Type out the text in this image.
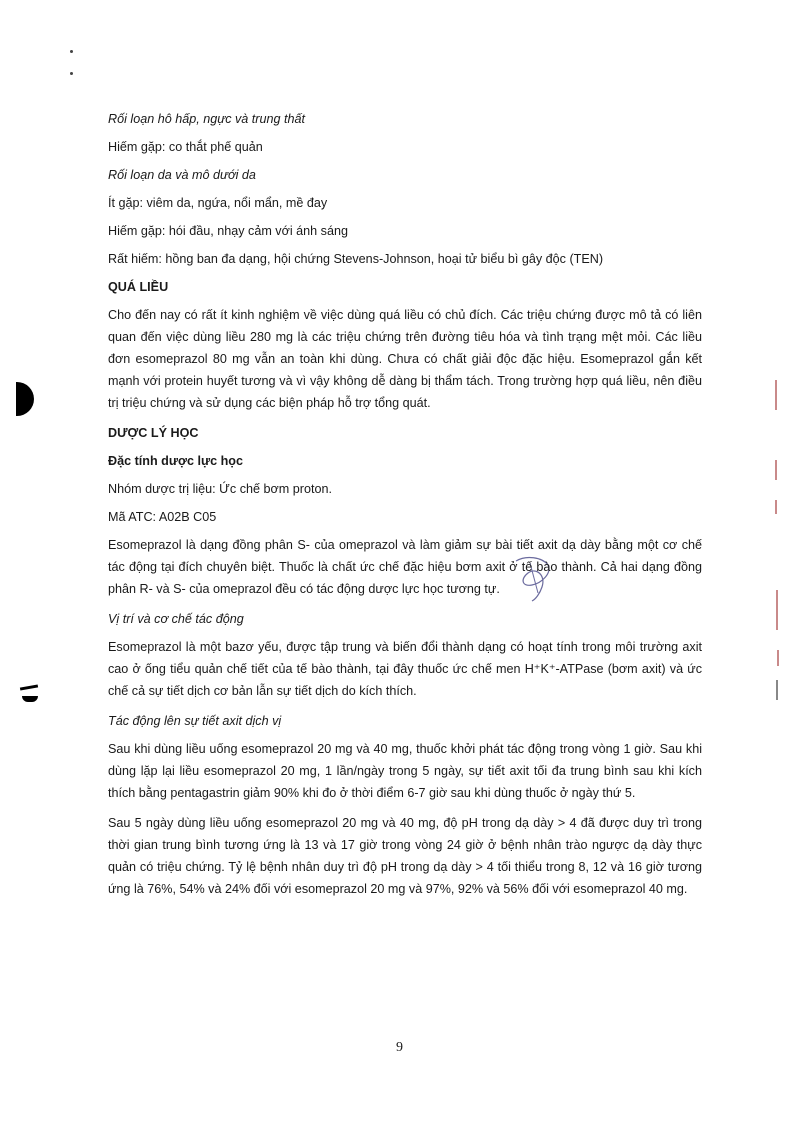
Rối loạn hô hấp, ngực và trung thất

Hiếm gặp: co thắt phế quản

Rối loạn da và mô dưới da

Ít gặp: viêm da, ngứa, nổi mẩn, mề đay

Hiếm gặp: hói đầu, nhạy cảm với ánh sáng

Rất hiếm: hồng ban đa dạng, hội chứng Stevens-Johnson, hoại tử biểu bì gây độc (TEN)

QUÁ LIỀU

Cho đến nay có rất ít kinh nghiệm về việc dùng quá liều có chủ đích. Các triệu chứng được mô tả có liên quan đến việc dùng liều 280 mg là các triệu chứng trên đường tiêu hóa và tình trạng mệt mỏi. Các liều đơn esomeprazol 80 mg vẫn an toàn khi dùng. Chưa có chất giải độc đặc hiệu. Esomeprazol gắn kết mạnh với protein huyết tương và vì vậy không dễ dàng bị thẩm tách. Trong trường hợp quá liều, nên điều trị triệu chứng và sử dụng các biện pháp hỗ trợ tổng quát.

DƯỢC LÝ HỌC

Đặc tính dược lực học

Nhóm dược trị liệu: Ức chế bơm proton.

Mã ATC: A02B C05

Esomeprazol là dạng đồng phân S- của omeprazol và làm giảm sự bài tiết axit dạ dày bằng một cơ chế tác động tại đích chuyên biệt. Thuốc là chất ức chế đặc hiệu bơm axit ở tế bào thành. Cả hai dạng đồng phân R- và S- của omeprazol đều có tác động dược lực học tương tự.

Vị trí và cơ chế tác động

Esomeprazol là một bazơ yếu, được tập trung và biến đổi thành dạng có hoạt tính trong môi trường axit cao ở ống tiểu quản chế tiết của tế bào thành, tại đây thuốc ức chế men H⁺K⁺-ATPase (bơm axit) và ức chế cả sự tiết dịch cơ bản lẫn sự tiết dịch do kích thích.

Tác động lên sự tiết axit dịch vị

Sau khi dùng liều uống esomeprazol 20 mg và 40 mg, thuốc khởi phát tác động trong vòng 1 giờ. Sau khi dùng lặp lại liều esomeprazol 20 mg, 1 lần/ngày trong 5 ngày, sự tiết axit tối đa trung bình sau khi kích thích bằng pentagastrin giảm 90% khi đo ở thời điểm 6-7 giờ sau khi dùng thuốc ở ngày thứ 5.

Sau 5 ngày dùng liều uống esomeprazol 20 mg và 40 mg, độ pH trong dạ dày > 4 đã được duy trì trong thời gian trung bình tương ứng là 13 và 17 giờ trong vòng 24 giờ ở bệnh nhân trào ngược dạ dày thực quản có triệu chứng. Tỷ lệ bệnh nhân duy trì độ pH trong dạ dày > 4 tối thiểu trong 8, 12 và 16 giờ tương ứng là 76%, 54% và 24% đối với esomeprazol 20 mg và 97%, 92% và 56% đối với esomeprazol 40 mg.

9
